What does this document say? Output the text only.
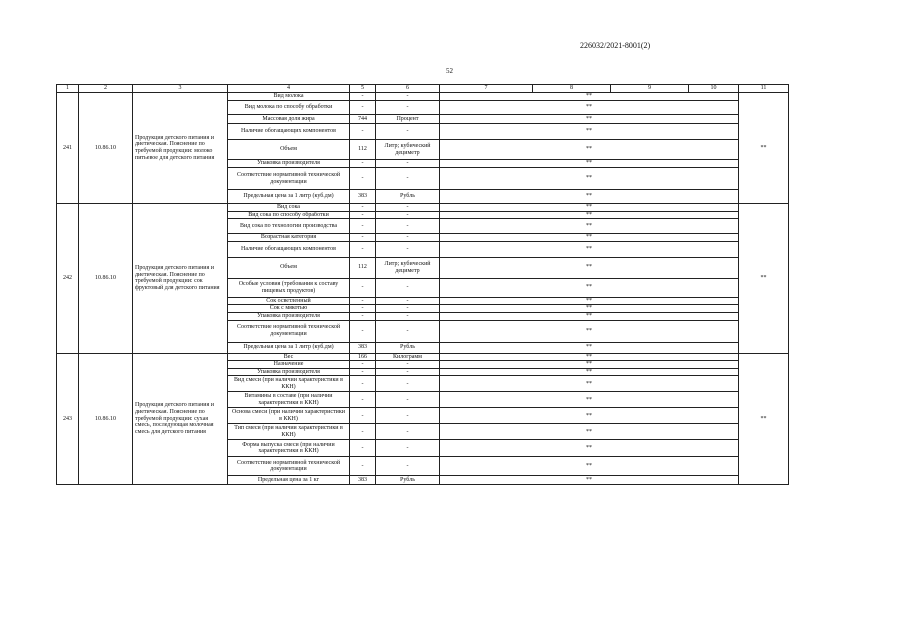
226032/2021-8001(2)
52
1	2	3	4	5	6	7	8	9	10	11
241	10.86.10	Продукция детского питания и диетическая. Пояснение по требуемой продукции: молоко питьевое для детского питания	Вид молока	-	-	**				**
			Вид молока по способу обработки	-	-	**				
			Массовая доля жира	744	Процент	**				
			Наличие обогащающих компонентов	-	-	**				
			Объем	112	Литр; кубический дециметр	**				
			Упаковка производителя	-	-	**				
			Соответствие нормативной технической документации	-	-	**				
			Предельная цена за 1 литр (куб.дм)	383	Рубль	**				
242	10.86.10	Продукция детского питания и диетическая. Пояснение по требуемой продукции: сок фруктовый для детского питания	Вид сока	-	-	**				**
			Вид сока по способу обработки	-	-	**				
			Вид сока по технологии производства	-	-	**				
			Возрастная категория	-	-	**				
			Наличие обогащающих компонентов	-	-	**				
			Объем	112	Литр; кубический дециметр	**				
			Особые условия (требования к составу пищевых продуктов)	-	-	**				
			Сок осветленный	-	-	**				
			Сок с мякотью	-	-	**				
			Упаковка производителя	-	-	**				
			Соответствие нормативной технической документации	-	-	**				
			Предельная цена за 1 литр (куб.дм)	383	Рубль	**				
243	10.86.10	Продукция детского питания и диетическая. Пояснение по требуемой продукции: сухая смесь, последующая молочная смесь для детского питания	Вес	166	Килограмм	**				**
			Назначение	-	-	**				
			Упаковка производителя	-	-	**				
			Вид смеси (при наличии характеристики в ККН)	-	-	**				
			Витамины в составе (при наличии характеристики в ККН)	-	-	**				
			Основа смеси (при наличии характеристики в ККН)	-	-	**				
			Тип смеси (при наличии характеристики в ККН)	-	-	**				
			Форма выпуска смеси (при наличии характеристики в ККН)	-	-	**				
			Соответствие нормативной технической документации	-	-	**				
			Предельная цена за 1 кг	383	Рубль	**				
